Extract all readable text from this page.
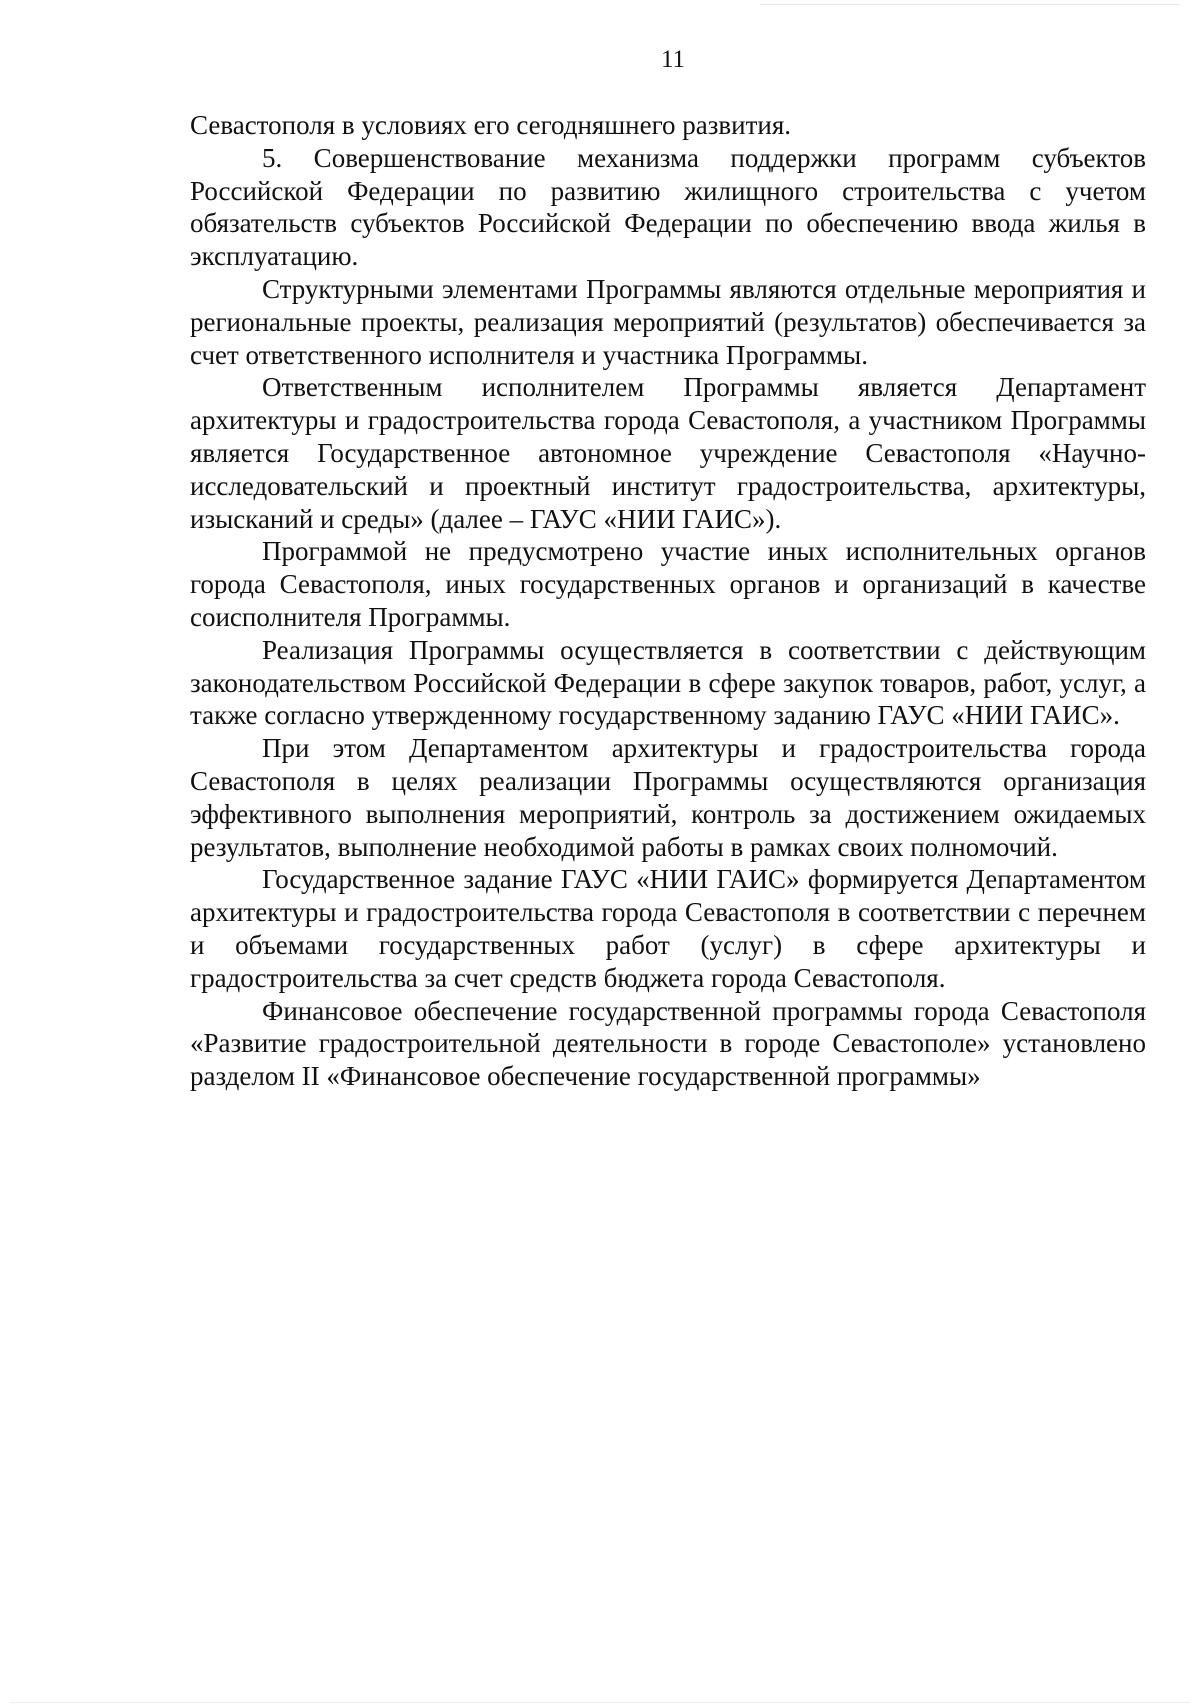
11

Севастополя в условиях его сегодняшнего развития.

5. Совершенствование механизма поддержки программ субъектов Российской Федерации по развитию жилищного строительства с учетом обязательств субъектов Российской Федерации по обеспечению ввода жилья в эксплуатацию.

Структурными элементами Программы являются отдельные мероприятия и региональные проекты, реализация мероприятий (результатов) обеспечивается за счет ответственного исполнителя и участника Программы.

Ответственным исполнителем Программы является Департамент архитектуры и градостроительства города Севастополя, а участником Программы является Государственное автономное учреждение Севастополя «Научно-исследовательский и проектный институт градостроительства, архитектуры, изысканий и среды» (далее – ГАУС «НИИ ГАИС»).

Программой не предусмотрено участие иных исполнительных органов города Севастополя, иных государственных органов и организаций в качестве соисполнителя Программы.

Реализация Программы осуществляется в соответствии с действующим законодательством Российской Федерации в сфере закупок товаров, работ, услуг, а также согласно утвержденному государственному заданию ГАУС «НИИ ГАИС».

При этом Департаментом архитектуры и градостроительства города Севастополя в целях реализации Программы осуществляются организация эффективного выполнения мероприятий, контроль за достижением ожидаемых результатов, выполнение необходимой работы в рамках своих полномочий.

Государственное задание ГАУС «НИИ ГАИС» формируется Департаментом архитектуры и градостроительства города Севастополя в соответствии с перечнем и объемами государственных работ (услуг) в сфере архитектуры и градостроительства за счет средств бюджета города Севастополя.

Финансовое обеспечение государственной программы города Севастополя «Развитие градостроительной деятельности в городе Севастополе» установлено разделом II «Финансовое обеспечение государственной программы»
